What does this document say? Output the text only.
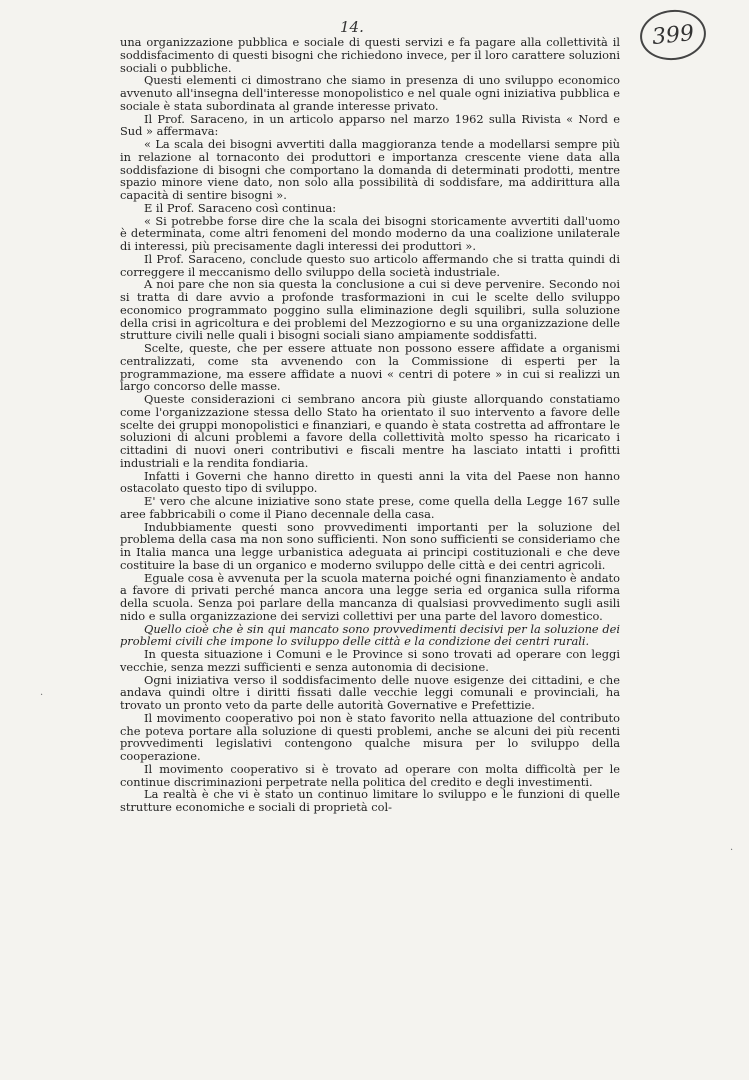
14.	399

una organizzazione pubblica e sociale di questi servizi e fa pagare alla collettività il soddisfacimento di questi bisogni che richiedono invece, per il loro carattere soluzioni sociali o pubbliche.

Questi elementi ci dimostrano che siamo in presenza di uno sviluppo economico avvenuto all'insegna dell'interesse monopolistico e nel quale ogni iniziativa pubblica e sociale è stata subordinata al grande interesse privato.

Il Prof. Saraceno, in un articolo apparso nel marzo 1962 sulla Rivista « Nord e Sud » affermava:

« La scala dei bisogni avvertiti dalla maggioranza tende a modellarsi sempre più in relazione al tornaconto dei produttori e importanza crescente viene data alla soddisfazione di bisogni che comportano la domanda di determinati prodotti, mentre spazio minore viene dato, non solo alla possibilità di soddisfare, ma addirittura alla capacità di sentire bisogni ».

E il Prof. Saraceno così continua:

« Si potrebbe forse dire che la scala dei bisogni storicamente avvertiti dall'uomo è determinata, come altri fenomeni del mondo moderno da una coalizione unilaterale di interessi, più precisamente dagli interessi dei produttori ».

Il Prof. Saraceno, conclude questo suo articolo affermando che si tratta quindi di correggere il meccanismo dello sviluppo della società industriale.

A noi pare che non sia questa la conclusione a cui si deve pervenire. Secondo noi si tratta di dare avvio a profonde trasformazioni in cui le scelte dello sviluppo economico programmato poggino sulla eliminazione degli squilibri, sulla soluzione della crisi in agricoltura e dei problemi del Mezzogiorno e su una organizzazione delle strutture civili nelle quali i bisogni sociali siano ampiamente soddisfatti.

Scelte, queste, che per essere attuate non possono essere affidate a organismi centralizzati, come sta avvenendo con la Commissione di esperti per la programmazione, ma essere affidate a nuovi « centri di potere » in cui si realizzi un largo concorso delle masse.

Queste considerazioni ci sembrano ancora più giuste allorquando constatiamo come l'organizzazione stessa dello Stato ha orientato il suo intervento a favore delle scelte dei gruppi monopolistici e finanziari, e quando è stata costretta ad affrontare le soluzioni di alcuni problemi a favore della collettività molto spesso ha ricaricato i cittadini di nuovi oneri contributivi e fiscali mentre ha lasciato intatti i profitti industriali e la rendita fondiaria.

Infatti i Governi che hanno diretto in questi anni la vita del Paese non hanno ostacolato questo tipo di sviluppo.

E' vero che alcune iniziative sono state prese, come quella della Legge 167 sulle aree fabbricabili o come il Piano decennale della casa.

Indubbiamente questi sono provvedimenti importanti per la soluzione del problema della casa ma non sono sufficienti. Non sono sufficienti se consideriamo che in Italia manca una legge urbanistica adeguata ai principi costituzionali e che deve costituire la base di un organico e moderno sviluppo delle città e dei centri agricoli.

Eguale cosa è avvenuta per la scuola materna poiché ogni finanziamento è andato a favore di privati perché manca ancora una legge seria ed organica sulla riforma della scuola. Senza poi parlare della mancanza di qualsiasi provvedimento sugli asili nido e sulla organizzazione dei servizi collettivi per una parte del lavoro domestico.

Quello cioè che è sin qui mancato sono provvedimenti decisivi per la soluzione dei problemi civili che impone lo sviluppo delle città e la condizione dei centri rurali.

In questa situazione i Comuni e le Province si sono trovati ad operare con leggi vecchie, senza mezzi sufficienti e senza autonomia di decisione.

Ogni iniziativa verso il soddisfacimento delle nuove esigenze dei cittadini, e che andava quindi oltre i diritti fissati dalle vecchie leggi comunali e provinciali, ha trovato un pronto veto da parte delle autorità Governative e Prefettizie.

Il movimento cooperativo poi non è stato favorito nella attuazione del contributo che poteva portare alla soluzione di questi problemi, anche se alcuni dei più recenti provvedimenti legislativi contengono qualche misura per lo sviluppo della cooperazione.

Il movimento cooperativo si è trovato ad operare con molta difficoltà per le continue discriminazioni perpetrate nella politica del credito e degli investimenti.

La realtà è che vi è stato un continuo limitare lo sviluppo e le funzioni di quelle strutture economiche e sociali di proprietà col-

·
·
